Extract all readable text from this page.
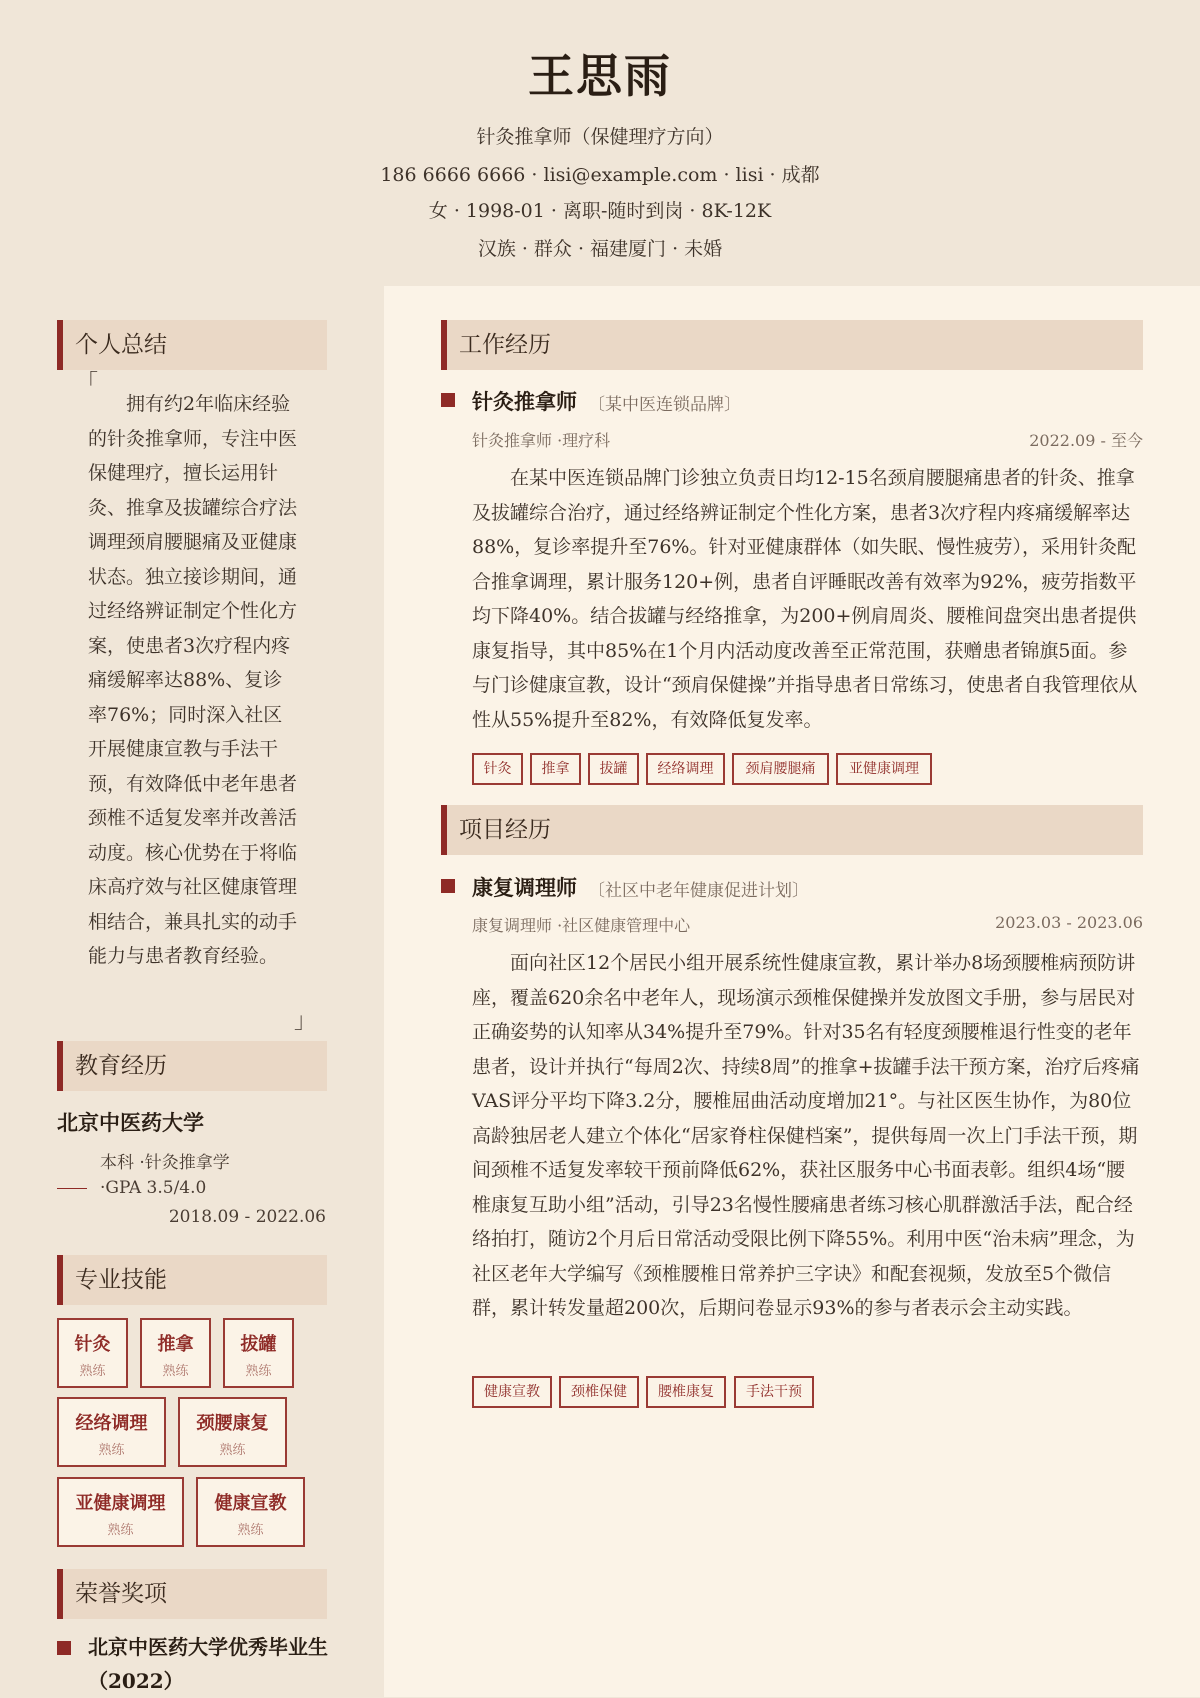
王思雨
针灸推拿师（保健理疗方向）
186 6666 6666 · lisi@example.com · lisi · 成都
女 · 1998-01 · 离职-随时到岗 · 8K-12K
汉族 · 群众 · 福建厦门 · 未婚
个人总结
「
拥有约2年临床经验的针灸推拿师，专注中医保健理疗，擅长运用针灸、推拿及拔罐综合疗法调理颈肩腰腿痛及亚健康状态。独立接诊期间，通过经络辨证制定个性化方案，使患者3次疗程内疼痛缓解率达88%、复诊率76%；同时深入社区开展健康宣教与手法干预，有效降低中老年患者颈椎不适复发率并改善活动度。核心优势在于将临床高疗效与社区健康管理相结合，兼具扎实的动手能力与患者教育经验。
」
教育经历
北京中医药大学
本科 ·针灸推拿学
·GPA 3.5/4.0
2018.09 - 2022.06
专业技能
针灸
熟练
推拿
熟练
拔罐
熟练
经络调理
熟练
颈腰康复
熟练
亚健康调理
熟练
健康宣教
熟练
荣誉奖项
北京中医药大学优秀毕业生（2022）
工作经历
针灸推拿师 〔某中医连锁品牌〕
针灸推拿师 ·理疗科	2022.09 - 至今
在某中医连锁品牌门诊独立负责日均12-15名颈肩腰腿痛患者的针灸、推拿及拔罐综合治疗，通过经络辨证制定个性化方案，患者3次疗程内疼痛缓解率达88%，复诊率提升至76%。针对亚健康群体（如失眠、慢性疲劳），采用针灸配合推拿调理，累计服务120+例，患者自评睡眠改善有效率为92%，疲劳指数平均下降40%。结合拔罐与经络推拿，为200+例肩周炎、腰椎间盘突出患者提供康复指导，其中85%在1个月内活动度改善至正常范围，获赠患者锦旗5面。参与门诊健康宣教，设计“颈肩保健操”并指导患者日常练习，使患者自我管理依从性从55%提升至82%，有效降低复发率。
针灸	推拿	拔罐	经络调理	颈肩腰腿痛	亚健康调理
项目经历
康复调理师 〔社区中老年健康促进计划〕
康复调理师 ·社区健康管理中心	2023.03 - 2023.06
面向社区12个居民小组开展系统性健康宣教，累计举办8场颈腰椎病预防讲座，覆盖620余名中老年人，现场演示颈椎保健操并发放图文手册，参与居民对正确姿势的认知率从34%提升至79%。针对35名有轻度颈腰椎退行性变的老年患者，设计并执行“每周2次、持续8周”的推拿+拔罐手法干预方案，治疗后疼痛VAS评分平均下降3.2分，腰椎屈曲活动度增加21°。与社区医生协作，为80位高龄独居老人建立个体化“居家脊柱保健档案”，提供每周一次上门手法干预，期间颈椎不适复发率较干预前降低62%，获社区服务中心书面表彰。组织4场“腰椎康复互助小组”活动，引导23名慢性腰痛患者练习核心肌群激活手法，配合经络拍打，随访2个月后日常活动受限比例下降55%。利用中医“治未病”理念，为社区老年大学编写《颈椎腰椎日常养护三字诀》和配套视频，发放至5个微信群，累计转发量超200次，后期问卷显示93%的参与者表示会主动实践。
健康宣教	颈椎保健	腰椎康复	手法干预
